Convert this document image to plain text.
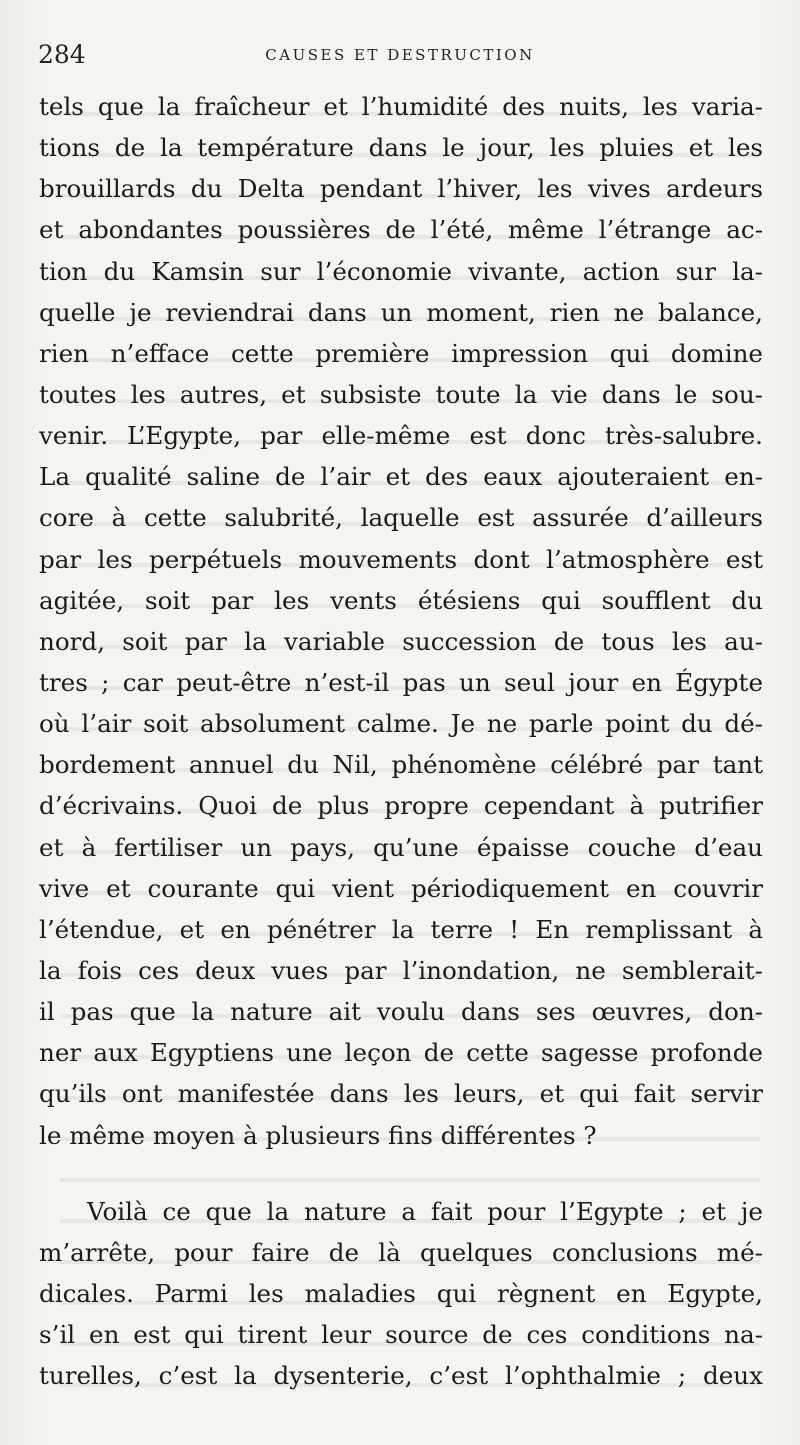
284	CAUSES ET DESTRUCTION
tels que la fraîcheur et l’humidité des nuits, les varia-
tions de la température dans le jour, les pluies et les
brouillards du Delta pendant l’hiver, les vives ardeurs
et abondantes poussières de l’été, même l’étrange ac-
tion du Kamsin sur l’économie vivante, action sur la-
quelle je reviendrai dans un moment, rien ne balance,
rien n’efface cette première impression qui domine
toutes les autres, et subsiste toute la vie dans le sou-
venir. L’Egypte, par elle-même est donc très-salubre.
La qualité saline de l’air et des eaux ajouteraient en-
core à cette salubrité, laquelle est assurée d’ailleurs
par les perpétuels mouvements dont l’atmosphère est
agitée, soit par les vents étésiens qui soufflent du
nord, soit par la variable succession de tous les au-
tres ; car peut-être n’est-il pas un seul jour en Égypte
où l’air soit absolument calme. Je ne parle point du dé-
bordement annuel du Nil, phénomène célébré par tant
d’écrivains. Quoi de plus propre cependant à putrifier
et à fertiliser un pays, qu’une épaisse couche d’eau
vive et courante qui vient périodiquement en couvrir
l’étendue, et en pénétrer la terre ! En remplissant à
la fois ces deux vues par l’inondation, ne semblerait-
il pas que la nature ait voulu dans ses œuvres, don-
ner aux Egyptiens une leçon de cette sagesse profonde
qu’ils ont manifestée dans les leurs, et qui fait servir
le même moyen à plusieurs fins différentes ?
Voilà ce que la nature a fait pour l’Egypte ; et je
m’arrête, pour faire de là quelques conclusions mé-
dicales. Parmi les maladies qui règnent en Egypte,
s’il en est qui tirent leur source de ces conditions na-
turelles, c’est la dysenterie, c’est l’ophthalmie ; deux
